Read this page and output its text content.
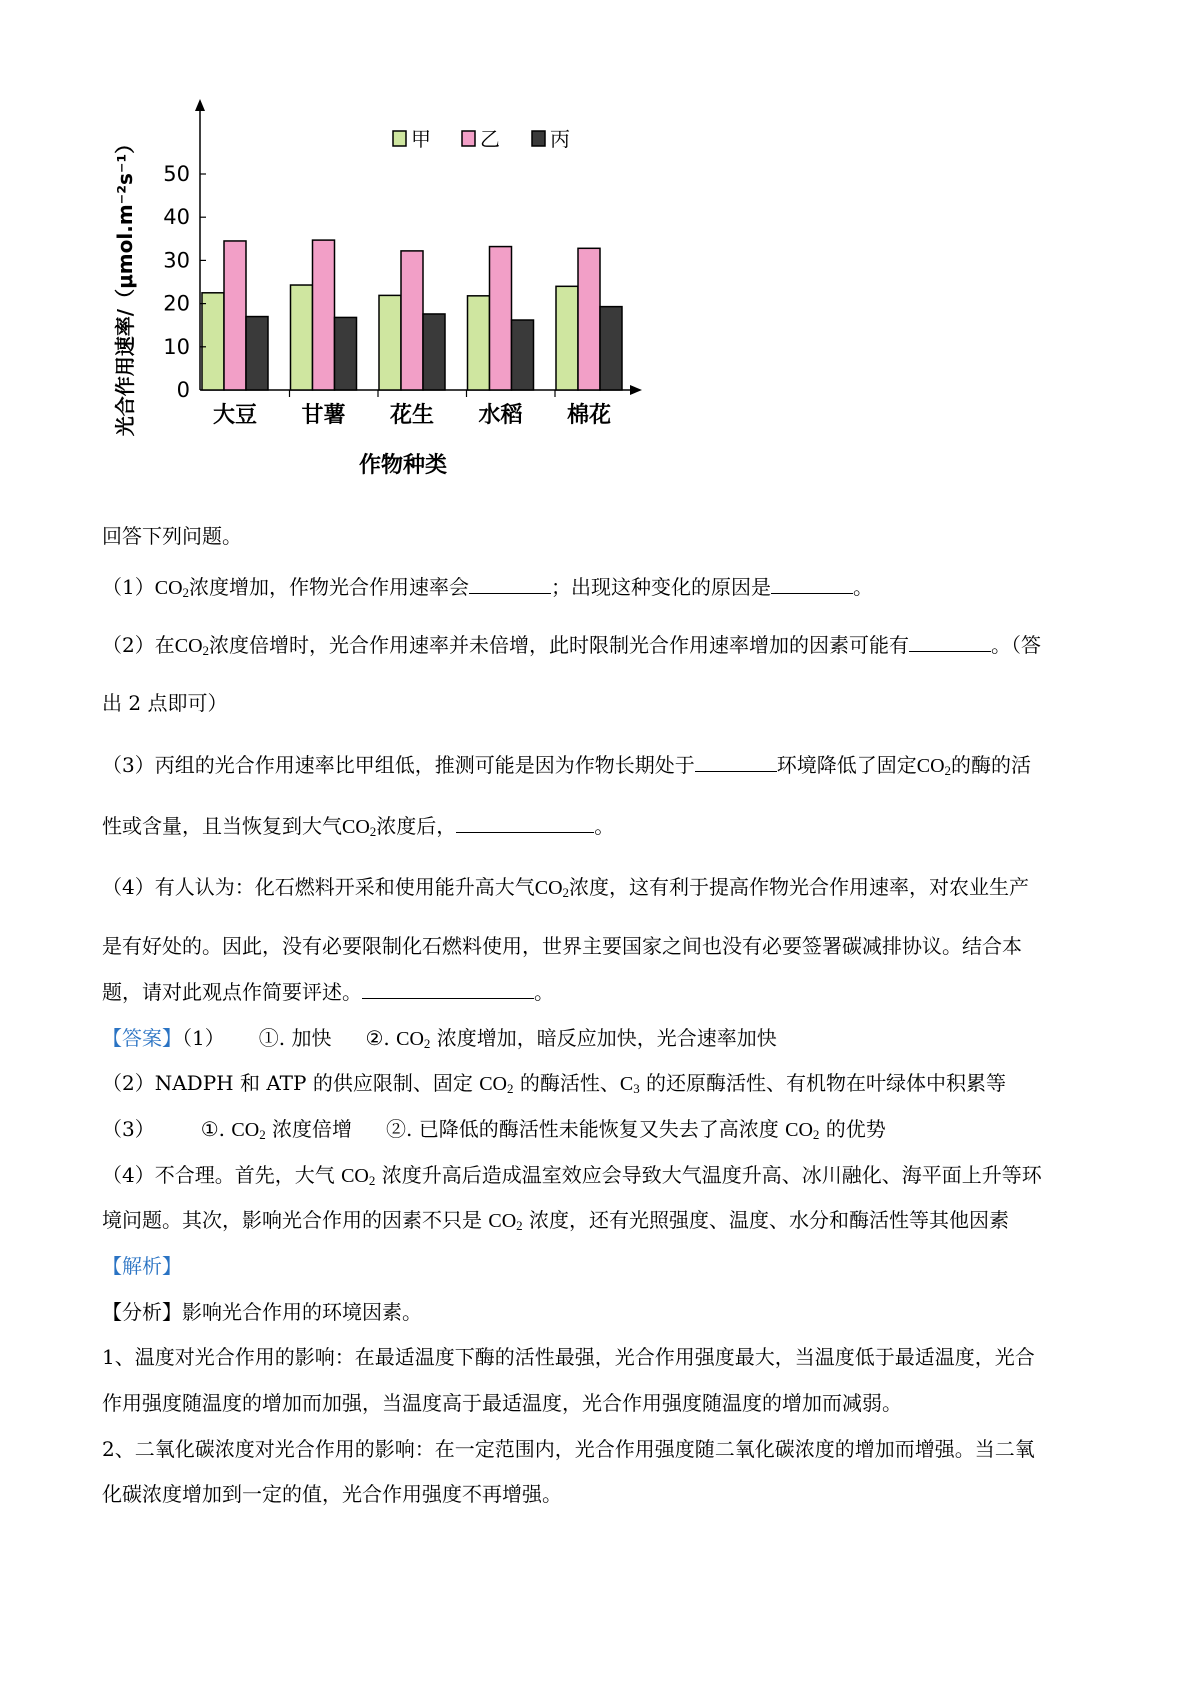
0
10
20
30
40
50
大豆 甘薯 花生 水稻 棉花
甲 乙	丙
光合作用速率/（μmol.m⁻²s⁻¹）
作物种类
回答下列问题。
$(1)CO_2$浓度增加，作物光合作用速率会	；出现这种变化的原因是	。
（2）在$CO_2$浓度倍增时，光合作用速率并未倍增，此时限制光合作用速率增加的因素可能有	。（答
出 2 点即可）
（3）丙组的光合作用速率比甲组低，推测可能是因为作物长期处于	环境降低了固定$CO_2$的酶的活
性或含量，且当恢复到大气$CO_2$浓度后，	。
（4）有人认为：化石燃料开采和使用能升高大气$CO_2$浓度，这有利于提高作物光合作用速率，对农业生产
是有好处的。因此，没有必要限制化石燃料使用，世界主要国家之间也没有必要签署碳减排协议。结合本
题，请对此观点作简要评述。	。
【答案】（1） ①. 加快 ②. $CO_2$ 浓度增加，暗反应加快，光合速率加快
（2）NADPH 和 ATP 的供应限制、固定 $CO_2$ 的酶活性、$C_3$ 的还原酶活性、有机物在叶绿体中积累等
（3） ①. $CO_2$ 浓度倍增 ②. 已降低的酶活性未能恢复又失去了高浓度 $CO_2$ 的优势
（4）不合理。首先，大气 $CO_2$ 浓度升高后造成温室效应会导致大气温度升高、冰川融化、海平面上升等环
境问题。其次，影响光合作用的因素不只是 $CO_2$ 浓度，还有光照强度、温度、水分和酶活性等其他因素
【解析】
【分析】影响光合作用的环境因素。
1、温度对光合作用的影响：在最适温度下酶的活性最强，光合作用强度最大，当温度低于最适温度，光合
作用强度随温度的增加而加强，当温度高于最适温度，光合作用强度随温度的增加而减弱。
2、二氧化碳浓度对光合作用的影响：在一定范围内，光合作用强度随二氧化碳浓度的增加而增强。当二氧
化碳浓度增加到一定的值，光合作用强度不再增强。
